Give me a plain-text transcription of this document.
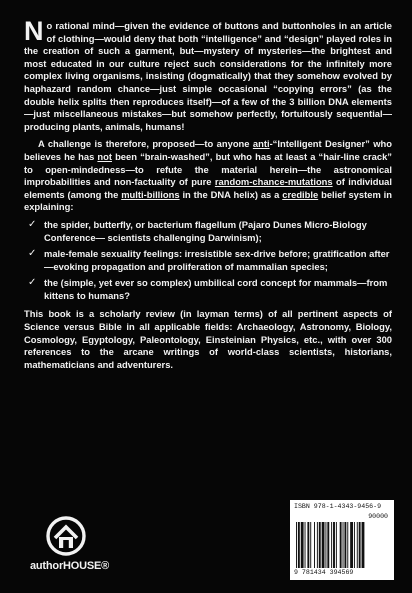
No rational mind—given the evidence of buttons and buttonholes in an article of clothing—would deny that both “intelligence” and “design” played roles in the creation of such a garment, but—mystery of mysteries—the brightest and most educated in our culture reject such considerations for the infinitely more complex living organisms, insisting (dogmatically) that they somehow evolved by haphazard random chance—just simple occasional “copying errors” (as the double helix splits then reproduces itself)—of a few of the 3 billion DNA elements—just miscellaneous mistakes—but somehow perfectly, fortuitously sequential—producing plants, animals, humans!

A challenge is therefore, proposed—to anyone anti-“Intelligent Designer” who believes he has not been “brain-washed”, but who has at least a “hair-line crack” to open-mindedness—to refute the material herein—the astronomical improbabilities and non-factuality of pure random-chance-mutations of individual elements (among the multi-billions in the DNA helix) as a credible belief system in explaining:

✓ the spider, butterfly, or bacterium flagellum (Pajaro Dunes Micro-Biology Conference— scientists challenging Darwinism);
✓ male-female sexuality feelings: irresistible sex-drive before; gratification after—evoking propagation and proliferation of mammalian species;
✓ the (simple, yet ever so complex) umbilical cord concept for mammals—from kittens to humans?

This book is a scholarly review (in layman terms) of all pertinent aspects of Science versus Bible in all applicable fields: Archaeology, Astronomy, Biology, Cosmology, Egyptology, Paleontology, Einsteinian Physics, etc., with over 300 references to the arcane writings of world-class scientists, historians, mathematicians and adventurers.

authorHOUSE®
ISBN 978-1-4343-9456-9
90000
9 781434 394569
